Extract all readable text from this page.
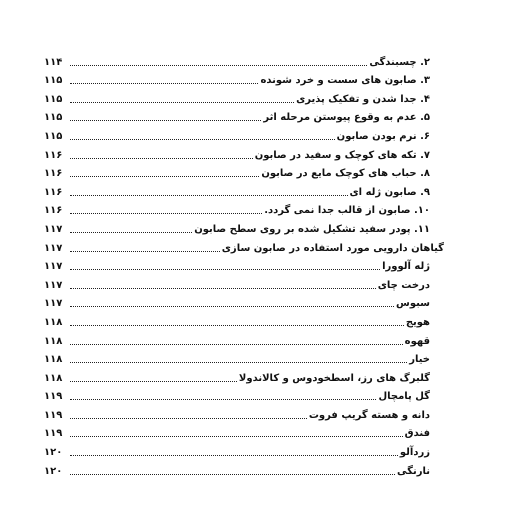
۲. چسبندگی
۱۱۴
۳. صابون های سست و خرد شونده
۱۱۵
۴. جدا شدن و تفکیک پذیری
۱۱۵
۵. عدم به وقوع پیوستن مرحله اثر
۱۱۵
۶. نرم بودن صابون
۱۱۵
۷. تکه های کوچک و سفید در صابون
۱۱۶
۸. حباب های کوچک مایع در صابون
۱۱۶
۹. صابون ژله ای
۱۱۶
۱۰. صابون از قالب جدا نمی گردد.
۱۱۶
۱۱. پودر سفید تشکیل شده بر روی سطح صابون
۱۱۷
گیاهان دارویی مورد استفاده در صابون سازی
۱۱۷
ژله آلوورا
۱۱۷
درخت چای
۱۱۷
سبوس
۱۱۷
هویج
۱۱۸
قهوه
۱۱۸
خیار
۱۱۸
گلبرگ های رز، اسطخودوس و کالاندولا
۱۱۸
گل پامچال
۱۱۹
دانه و هسته گریپ فروت
۱۱۹
فندق
۱۱۹
زردآلو
۱۲۰
نارنگی
۱۲۰
